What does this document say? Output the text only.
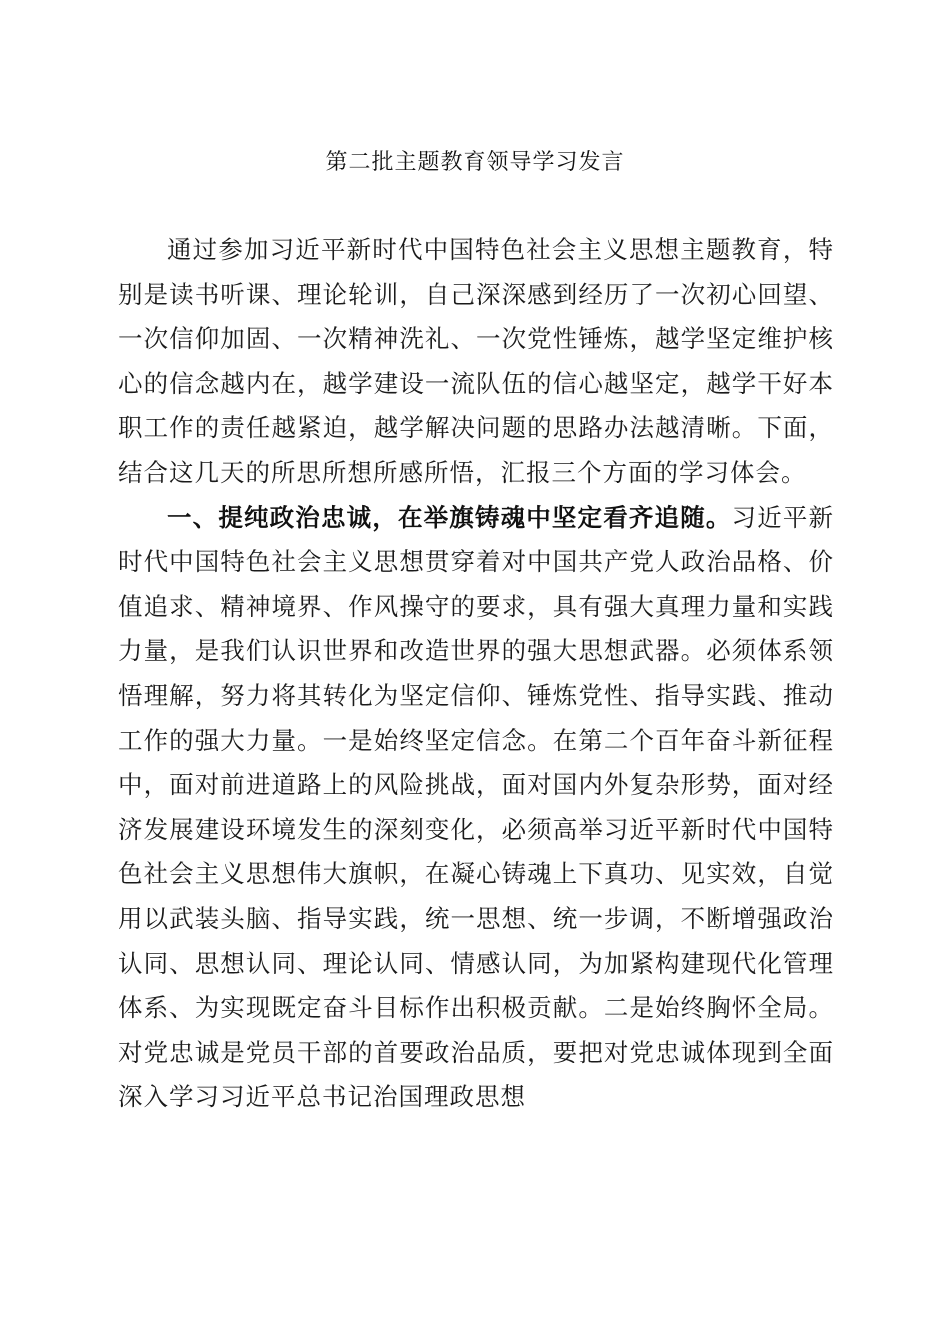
第二批主题教育领导学习发言

通过参加习近平新时代中国特色社会主义思想主题教育，特别是读书听课、理论轮训，自己深深感到经历了一次初心回望、一次信仰加固、一次精神洗礼、一次党性锤炼，越学坚定维护核心的信念越内在，越学建设一流队伍的信心越坚定，越学干好本职工作的责任越紧迫，越学解决问题的思路办法越清晰。下面，结合这几天的所思所想所感所悟，汇报三个方面的学习体会。

一、提纯政治忠诚，在举旗铸魂中坚定看齐追随。习近平新时代中国特色社会主义思想贯穿着对中国共产党人政治品格、价值追求、精神境界、作风操守的要求，具有强大真理力量和实践力量，是我们认识世界和改造世界的强大思想武器。必须体系领悟理解，努力将其转化为坚定信仰、锤炼党性、指导实践、推动工作的强大力量。一是始终坚定信念。在第二个百年奋斗新征程中，面对前进道路上的风险挑战，面对国内外复杂形势，面对经济发展建设环境发生的深刻变化，必须高举习近平新时代中国特色社会主义思想伟大旗帜，在凝心铸魂上下真功、见实效，自觉用以武装头脑、指导实践，统一思想、统一步调，不断增强政治认同、思想认同、理论认同、情感认同，为加紧构建现代化管理体系、为实现既定奋斗目标作出积极贡献。二是始终胸怀全局。对党忠诚是党员干部的首要政治品质，要把对党忠诚体现到全面深入学习习近平总书记治国理政思想
